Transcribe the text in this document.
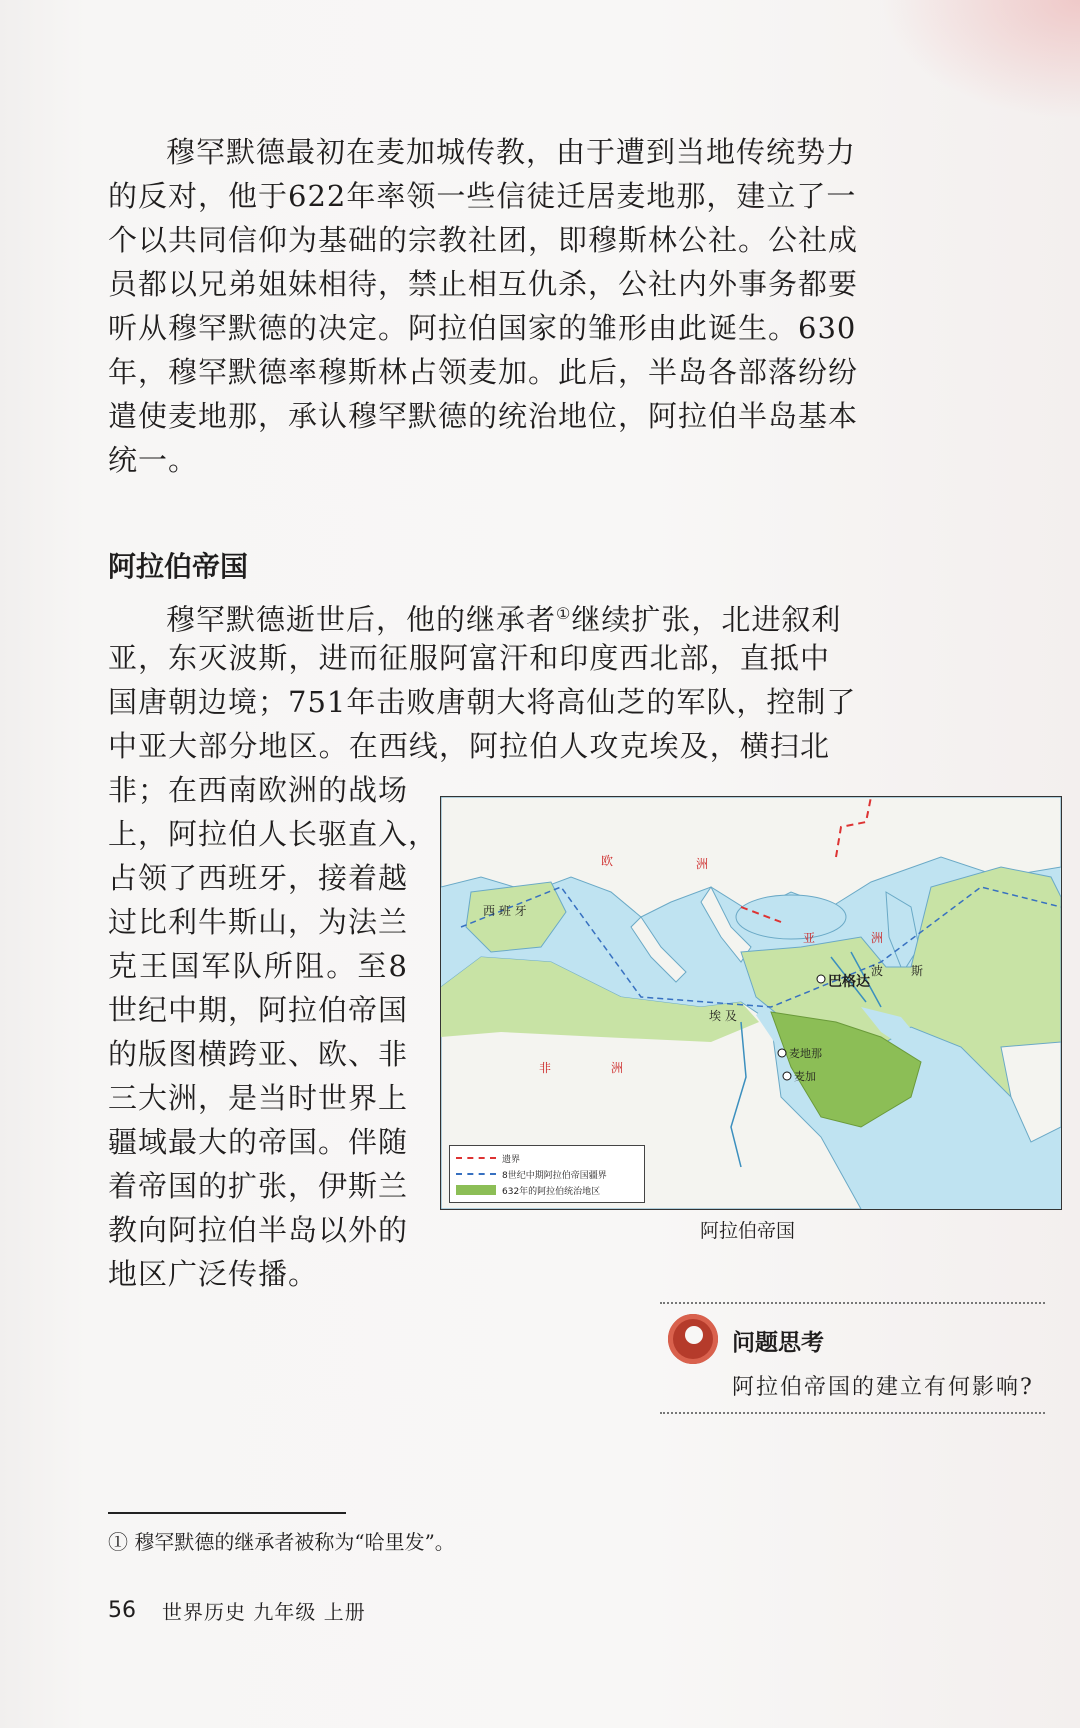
穆罕默德最初在麦加城传教，由于遭到当地传统势力
的反对，他于622年率领一些信徒迁居麦地那，建立了一
个以共同信仰为基础的宗教社团，即穆斯林公社。公社成
员都以兄弟姐妹相待，禁止相互仇杀，公社内外事务都要
听从穆罕默德的决定。阿拉伯国家的雏形由此诞生。630
年，穆罕默德率穆斯林占领麦加。此后，半岛各部落纷纷
遣使麦地那，承认穆罕默德的统治地位，阿拉伯半岛基本
统一。
阿拉伯帝国
穆罕默德逝世后，他的继承者①继续扩张，北进叙利
亚，东灭波斯，进而征服阿富汗和印度西北部，直抵中
国唐朝边境；751年击败唐朝大将高仙芝的军队，控制了
中亚大部分地区。在西线，阿拉伯人攻克埃及，横扫北
非；在西南欧洲的战场
上，阿拉伯人长驱直入，
占领了西班牙，接着越
过比利牛斯山，为法兰
克王国军队所阻。至8
世纪中期，阿拉伯帝国
的版图横跨亚、欧、非
三大洲，是当时世界上
疆域最大的帝国。伴随
着帝国的扩张，伊斯兰
教向阿拉伯半岛以外的
地区广泛传播。
欧	洲
亚	洲
非	洲
西 班 牙
波 斯
埃 及
巴格达
麦地那
麦加
遗界
8世纪中期阿拉伯帝国疆界
632年的阿拉伯统治地区
阿拉伯帝国
问题思考
阿拉伯帝国的建立有何影响?
① 穆罕默德的继承者被称为“哈里发”。
56 世界历史 九年级 上册
